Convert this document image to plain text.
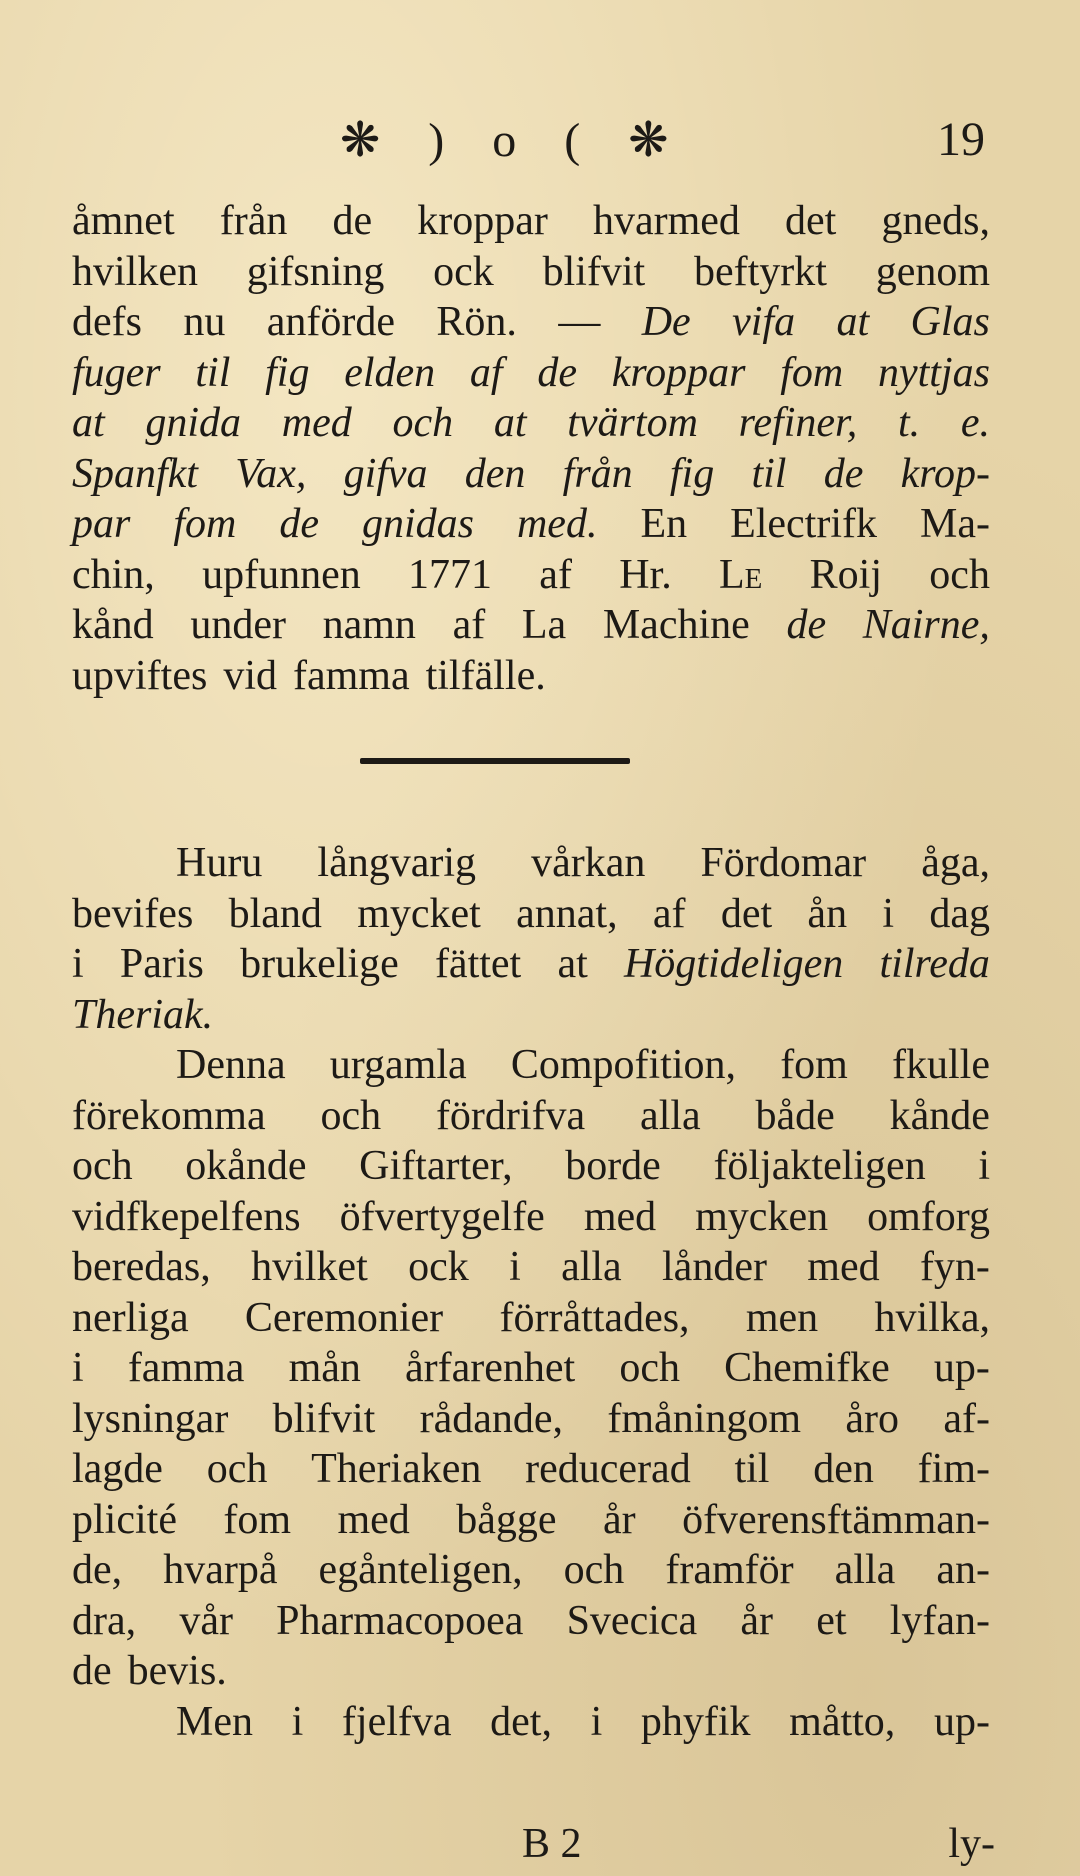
❋ ) o ( ❋	19
åmnet från de kroppar hvarmed det gneds,
hvilken gifsning ock blifvit beftyrkt genom
defs nu anförde Rön. — De vifa at Glas
fuger til fig elden af de kroppar fom nyttjas
at gnida med och at tvärtom refiner, t. e.
Spanfkt Vax, gifva den från fig til de krop-
par fom de gnidas med. En Electrifk Ma-
chin, upfunnen 1771 af Hr. Le Roij och
kånd under namn af La Machine de Nairne,
upviftes vid famma tilfälle.
Huru långvarig vårkan Fördomar åga,
bevifes bland mycket annat, af det ån i dag
i Paris brukelige fättet at Högtideligen tilreda
Theriak.
Denna urgamla Compofition, fom fkulle
förekomma och fördrifva alla både kånde
och okånde Giftarter, borde följakteligen i
vidfkepelfens öfvertygelfe med mycken omforg
beredas, hvilket ock i alla lånder med fyn-
nerliga Ceremonier förråttades, men hvilka,
i famma mån årfarenhet och Chemifke up-
lysningar blifvit rådande, fmåningom åro af-
lagde och Theriaken reducerad til den fim-
plicité fom med bågge år öfverensftämman-
de, hvarpå egånteligen, och framför alla an-
dra, vår Pharmacopoea Svecica år et lyfan-
de bevis.
Men i fjelfva det, i phyfik måtto, up-
B 2	ly-
